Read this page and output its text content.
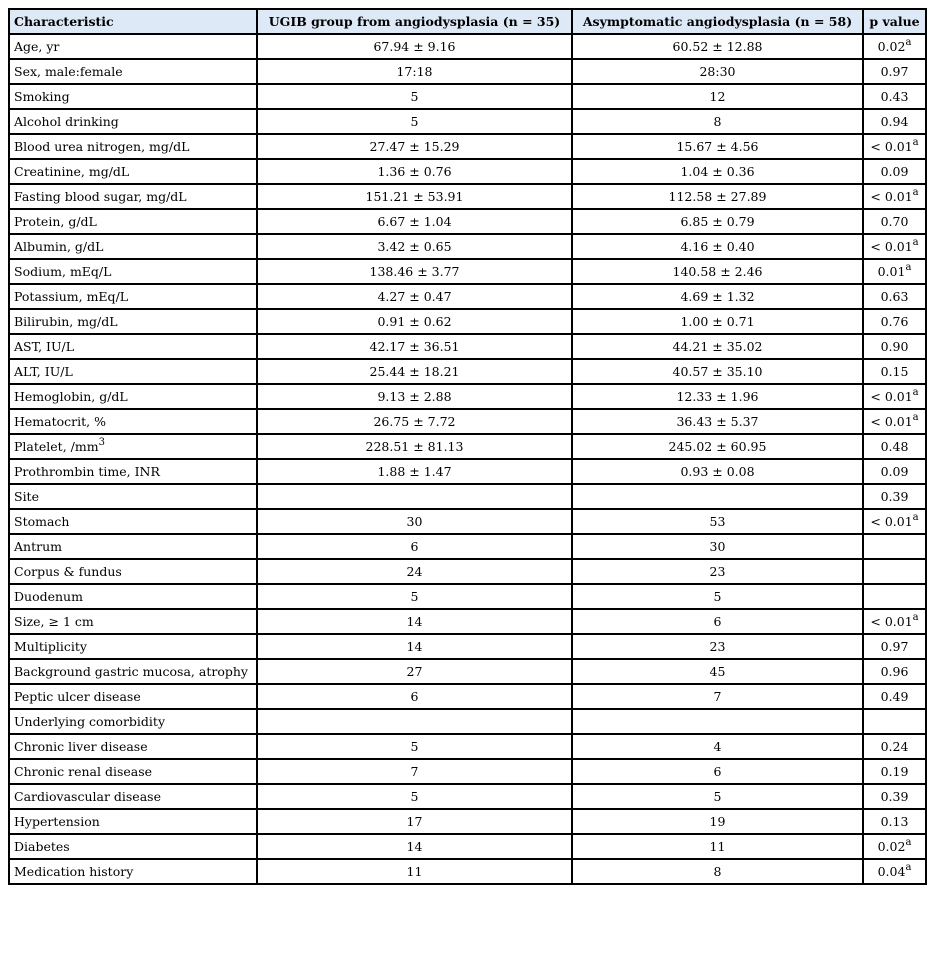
Characteristic	UGIB group from angiodysplasia (n = 35)	Asymptomatic angiodysplasia (n = 58)	p value
Age, yr	67.94 ± 9.16	60.52 ± 12.88	0.02$^a$
Sex, male:female	17:18	28:30	0.97
Smoking	5	12	0.43
Alcohol drinking	5	8	0.94
Blood urea nitrogen, mg/dL	27.47 ± 15.29	15.67 ± 4.56	< 0.01$^a$
Creatinine, mg/dL	1.36 ± 0.76	1.04 ± 0.36	0.09
Fasting blood sugar, mg/dL	151.21 ± 53.91	112.58 ± 27.89	< 0.01$^a$
Protein, g/dL	6.67 ± 1.04	6.85 ± 0.79	0.70
Albumin, g/dL	3.42 ± 0.65	4.16 ± 0.40	< 0.01$^a$
Sodium, mEq/L	138.46 ± 3.77	140.58 ± 2.46	0.01$^a$
Potassium, mEq/L	4.27 ± 0.47	4.69 ± 1.32	0.63
Bilirubin, mg/dL	0.91 ± 0.62	1.00 ± 0.71	0.76
AST, IU/L	42.17 ± 36.51	44.21 ± 35.02	0.90
ALT, IU/L	25.44 ± 18.21	40.57 ± 35.10	0.15
Hemoglobin, g/dL	9.13 ± 2.88	12.33 ± 1.96	< 0.01$^a$
Hematocrit, %	26.75 ± 7.72	36.43 ± 5.37	< 0.01$^a$
Platelet, $/mm^3$	228.51 ± 81.13	245.02 ± 60.95	0.48
Prothrombin time, INR	1.88 ± 1.47	0.93 ± 0.08	0.09
Site			0.39
Stomach	30	53	< 0.01$^a$
Antrum	6	30	
Corpus & fundus	24	23	
Duodenum	5	5	
Size, ≥ 1 cm	14	6	< 0.01$^a$
Multiplicity	14	23	0.97
Background gastric mucosa, atrophy	27	45	0.96
Peptic ulcer disease	6	7	0.49
Underlying comorbidity			
Chronic liver disease	5	4	0.24
Chronic renal disease	7	6	0.19
Cardiovascular disease	5	5	0.39
Hypertension	17	19	0.13
Diabetes	14	11	0.02$^a$
Medication history	11	8	0.04$^a$
